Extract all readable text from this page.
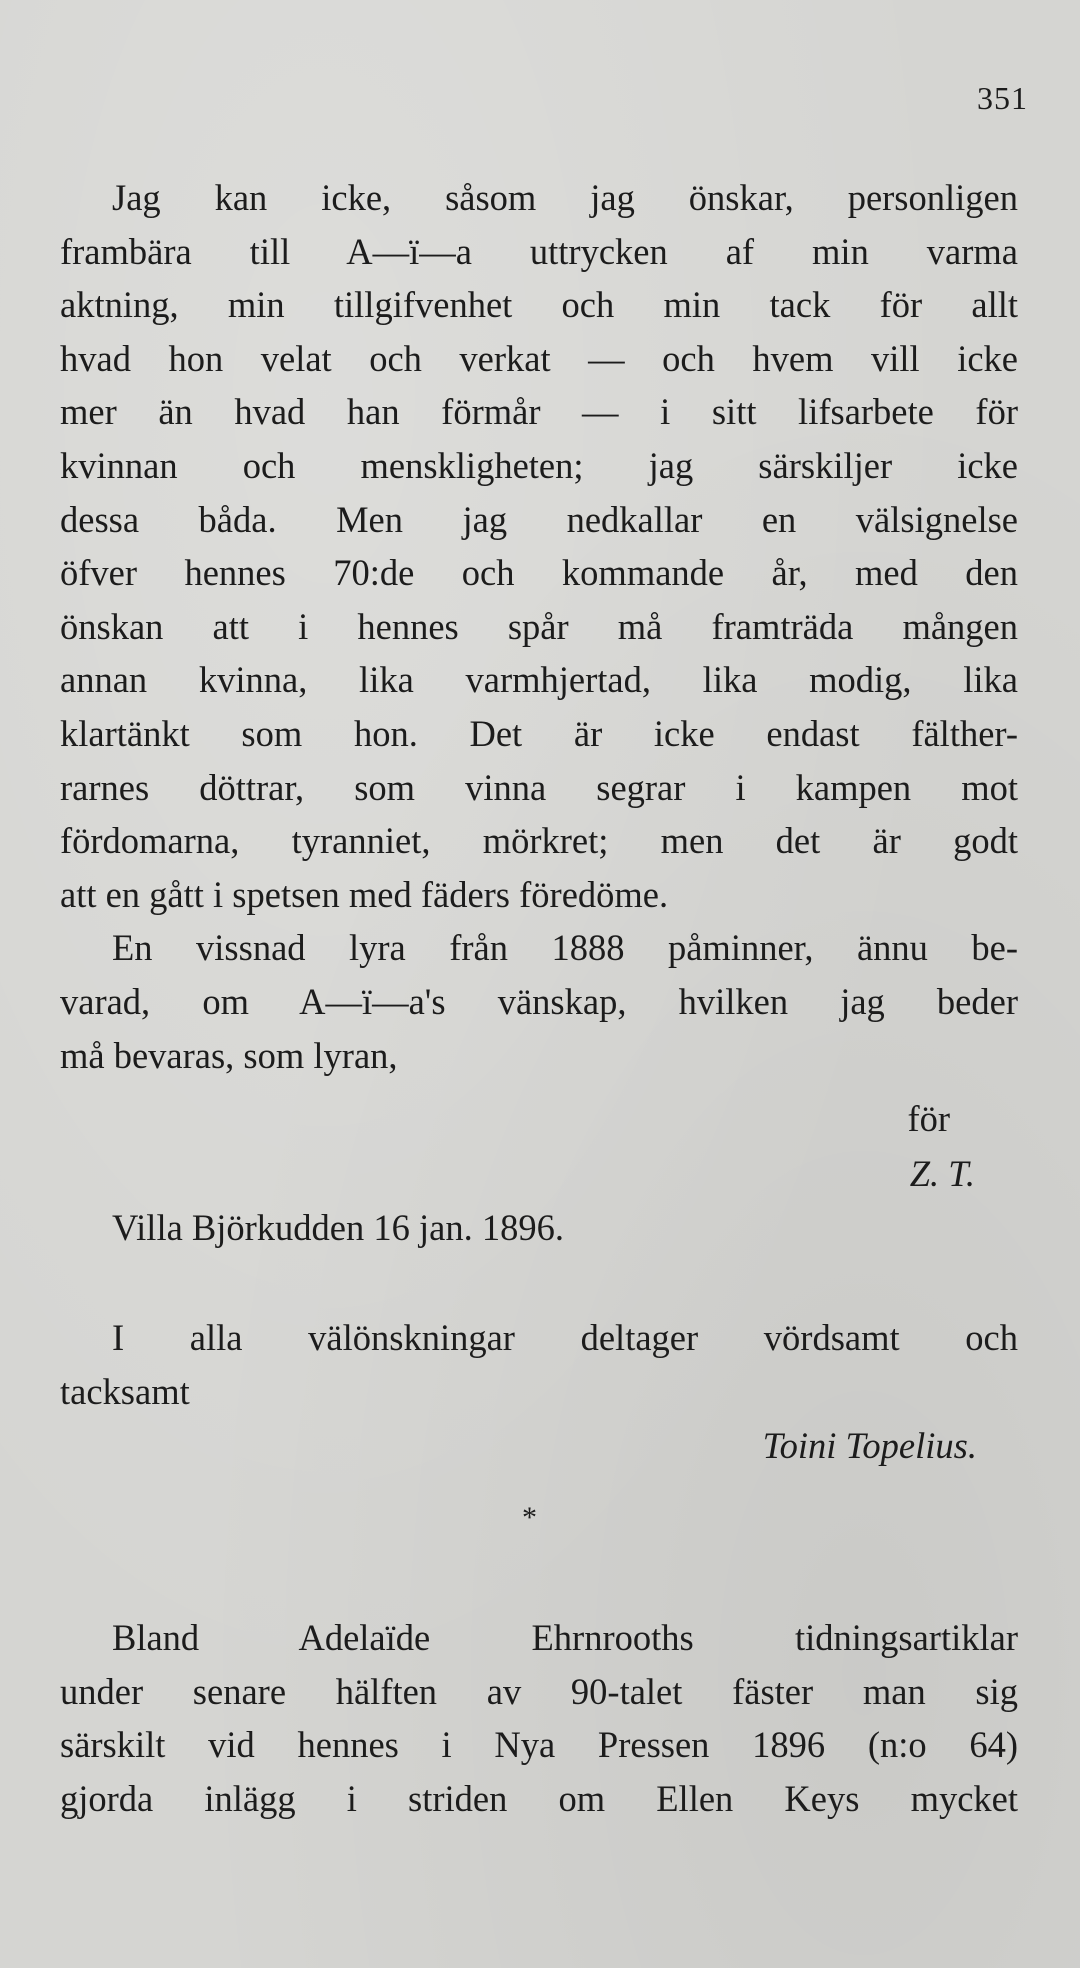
351
Jag kan icke, såsom jag önskar, personligen
frambära till A—ï—a uttrycken af min varma
aktning, min tillgifvenhet och min tack för allt
hvad hon velat och verkat — och hvem vill icke
mer än hvad han förmår — i sitt lifsarbete för
kvinnan och menskligheten; jag särskiljer icke
dessa båda. Men jag nedkallar en välsignelse
öfver hennes 70:de och kommande år, med den
önskan att i hennes spår må framträda mången
annan kvinna, lika varmhjertad, lika modig, lika
klartänkt som hon. Det är icke endast fälther-
rarnes döttrar, som vinna segrar i kampen mot
fördomarna, tyranniet, mörkret; men det är godt
att en gått i spetsen med fäders föredöme.
En vissnad lyra från 1888 påminner, ännu be-
varad, om A—ï—a's vänskap, hvilken jag beder
må bevaras, som lyran,
för
Z. T.
Villa Björkudden 16 jan. 1896.
I alla välönskningar deltager vördsamt och
tacksamt
Toini Topelius.
*
Bland Adelaïde Ehrnrooths tidningsartiklar
under senare hälften av 90-talet fäster man sig
särskilt vid hennes i Nya Pressen 1896 (n:o 64)
gjorda inlägg i striden om Ellen Keys mycket
